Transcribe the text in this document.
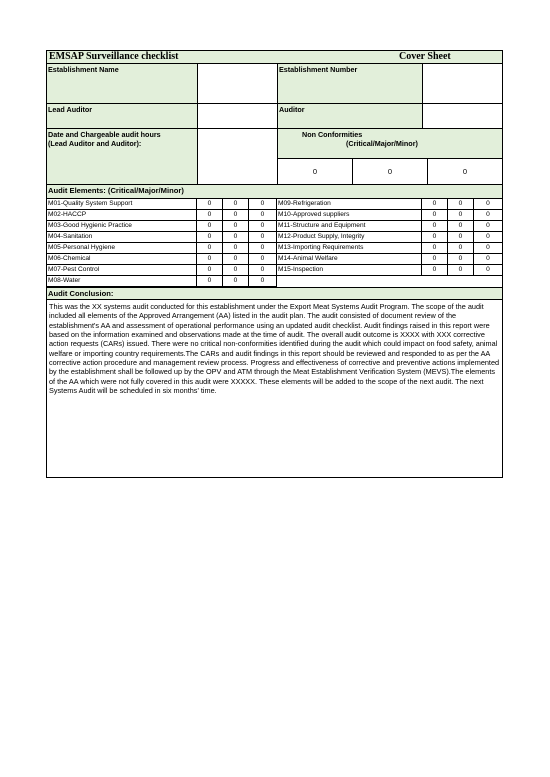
EMSAP Surveillance checklist	Cover Sheet
Establishment Name	Establishment Number
Lead Auditor	Auditor
Date and Chargeable audit hours
(Lead Auditor and Auditor):
Non Conformities
(Critical/Major/Minor)
0	0	0
Audit Elements: (Critical/Major/Minor)
M01-Quality System Support	0	0	0
M02-HACCP	0	0	0
M03-Good Hygienic Practice	0	0	0
M04-Sanitation	0	0	0
M05-Personal Hygiene	0	0	0
M06-Chemical	0	0	0
M07-Pest Control	0	0	0
M08-Water	0	0	0
M09-Refrigeration	0	0	0
M10-Approved suppliers	0	0	0
M11-Structure and Equipment	0	0	0
M12-Product Supply, Integrity	0	0	0
M13-Importing Requirements	0	0	0
M14-Animal Welfare	0	0	0
M15-Inspection	0	0	0
Audit Conclusion:
This was the XX systems audit conducted for this establishment under the Export Meat Systems Audit Program. The scope of the audit included all elements of the Approved Arrangement (AA) listed in the audit plan. The audit consisted of document review of the establishment's AA and assessment of operational performance using an updated audit checklist. Audit findings raised in this report were based on the information examined and observations made at the time of audit. The overall audit outcome is XXXX with XXX corrective action requests (CARs) issued. There were no critical non-conformities identified during the audit which could impact on food safety, animal welfare or importing country requirements.The CARs and audit findings in this report should be reviewed and responded to as per the AA corrective action procedure and management review process. Progress and effectiveness of corrective and preventive actions implemented by the establishment shall be followed up by the OPV and ATM through the Meat Establishment Verification System (MEVS).The elements of the AA which were not fully covered in this audit were XXXXX. These elements will be added to the scope of the next audit. The next Systems Audit will be scheduled in six months' time.
